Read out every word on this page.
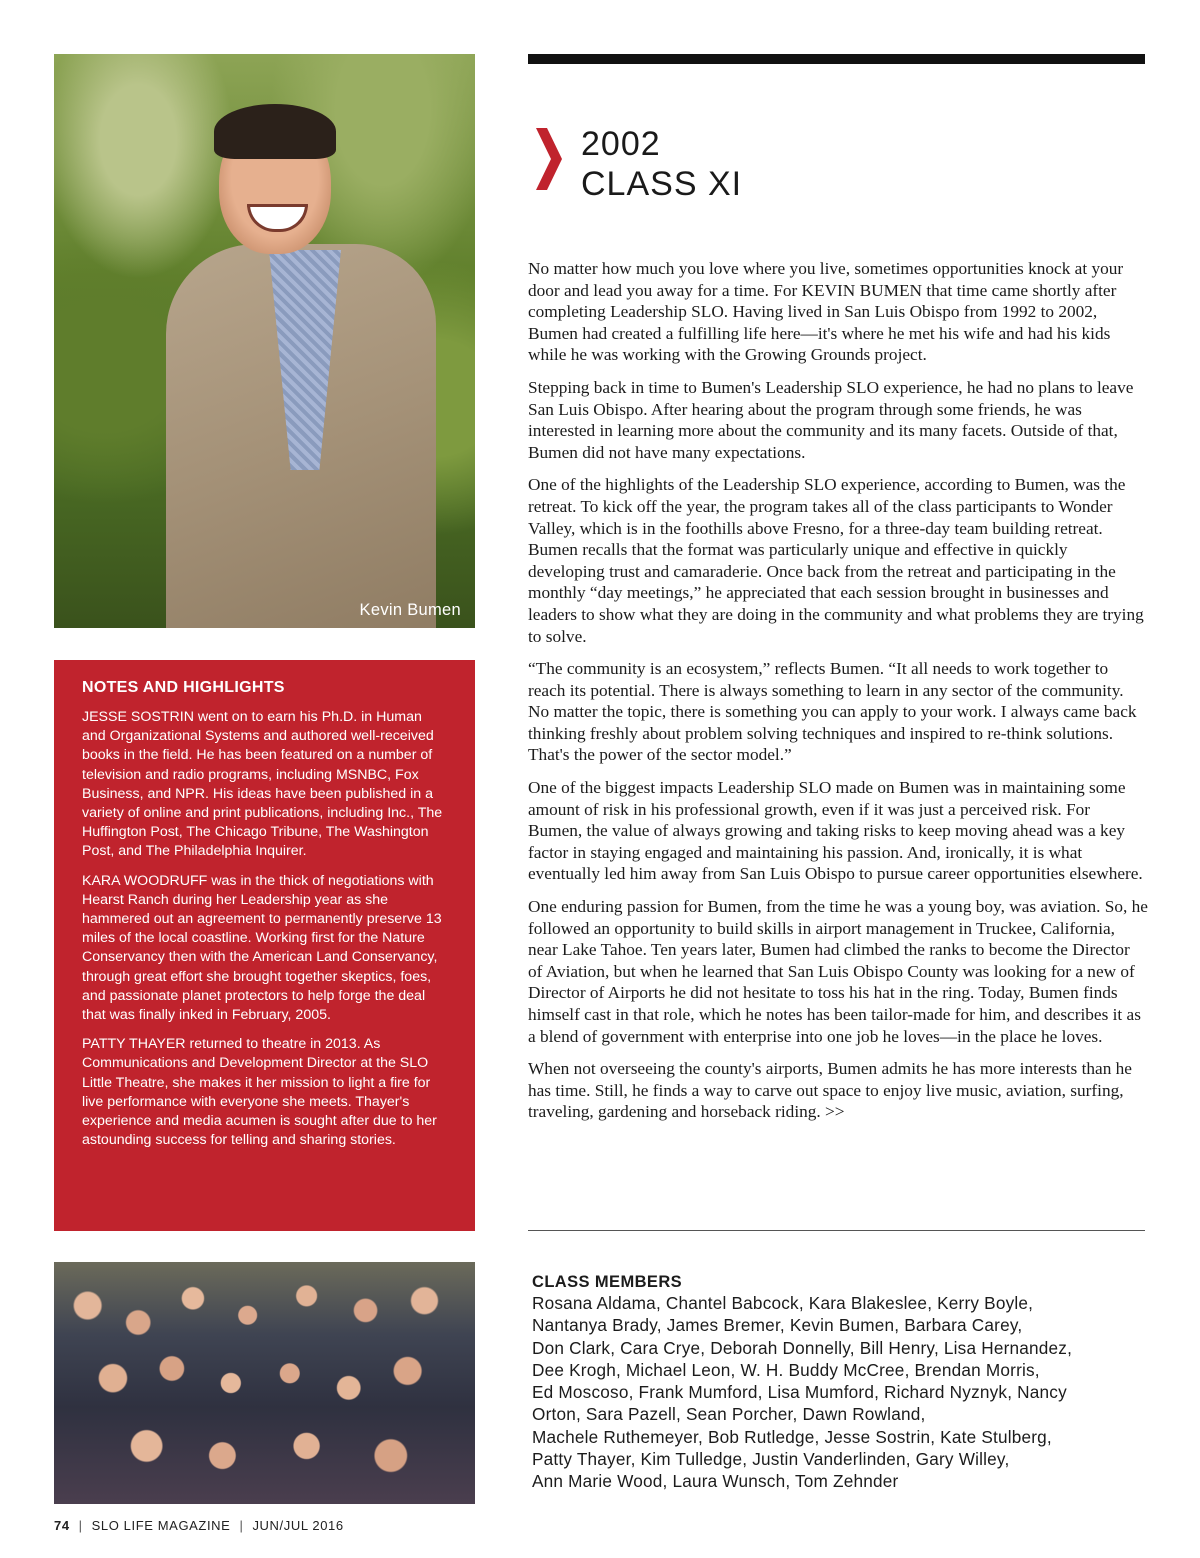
Kevin Bumen
NOTES AND HIGHLIGHTS

JESSE SOSTRIN went on to earn his Ph.D. in Human and Organizational Systems and authored well-received books in the field. He has been featured on a number of television and radio programs, including MSNBC, Fox Business, and NPR. His ideas have been published in a variety of online and print publications, including Inc., The Huffington Post, The Chicago Tribune, The Washington Post, and The Philadelphia Inquirer.

KARA WOODRUFF was in the thick of negotiations with Hearst Ranch during her Leadership year as she hammered out an agreement to permanently preserve 13 miles of the local coastline. Working first for the Nature Conservancy then with the American Land Conservancy, through great effort she brought together skeptics, foes, and passionate planet protectors to help forge the deal that was finally inked in February, 2005.

PATTY THAYER returned to theatre in 2013. As Communications and Development Director at the SLO Little Theatre, she makes it her mission to light a fire for live performance with everyone she meets. Thayer's experience and media acumen is sought after due to her astounding success for telling and sharing stories.

2002
CLASS XI

No matter how much you love where you live, sometimes opportunities knock at your door and lead you away for a time. For KEVIN BUMEN that time came shortly after completing Leadership SLO. Having lived in San Luis Obispo from 1992 to 2002, Bumen had created a fulfilling life here—it's where he met his wife and had his kids while he was working with the Growing Grounds project.

Stepping back in time to Bumen's Leadership SLO experience, he had no plans to leave San Luis Obispo. After hearing about the program through some friends, he was interested in learning more about the community and its many facets. Outside of that, Bumen did not have many expectations.

One of the highlights of the Leadership SLO experience, according to Bumen, was the retreat. To kick off the year, the program takes all of the class participants to Wonder Valley, which is in the foothills above Fresno, for a three-day team building retreat. Bumen recalls that the format was particularly unique and effective in quickly developing trust and camaraderie. Once back from the retreat and participating in the monthly “day meetings,” he appreciated that each session brought in businesses and leaders to show what they are doing in the community and what problems they are trying to solve.

“The community is an ecosystem,” reflects Bumen. “It all needs to work together to reach its potential. There is always something to learn in any sector of the community. No matter the topic, there is something you can apply to your work. I always came back thinking freshly about problem solving techniques and inspired to re-think solutions. That's the power of the sector model.”

One of the biggest impacts Leadership SLO made on Bumen was in maintaining some amount of risk in his professional growth, even if it was just a perceived risk. For Bumen, the value of always growing and taking risks to keep moving ahead was a key factor in staying engaged and maintaining his passion. And, ironically, it is what eventually led him away from San Luis Obispo to pursue career opportunities elsewhere.

One enduring passion for Bumen, from the time he was a young boy, was aviation. So, he followed an opportunity to build skills in airport management in Truckee, California, near Lake Tahoe. Ten years later, Bumen had climbed the ranks to become the Director of Aviation, but when he learned that San Luis Obispo County was looking for a new of Director of Airports he did not hesitate to toss his hat in the ring. Today, Bumen finds himself cast in that role, which he notes has been tailor-made for him, and describes it as a blend of government with enterprise into one job he loves—in the place he loves.

When not overseeing the county's airports, Bumen admits he has more interests than he has time. Still, he finds a way to carve out space to enjoy live music, aviation, surfing, traveling, gardening and horseback riding. >>

CLASS MEMBERS
Rosana Aldama, Chantel Babcock, Kara Blakeslee, Kerry Boyle,
Nantanya Brady, James Bremer, Kevin Bumen, Barbara Carey,
Don Clark, Cara Crye, Deborah Donnelly, Bill Henry, Lisa Hernandez,
Dee Krogh, Michael Leon, W. H. Buddy McCree, Brendan Morris,
Ed Moscoso, Frank Mumford, Lisa Mumford, Richard Nyznyk, Nancy
Orton, Sara Pazell, Sean Porcher, Dawn Rowland,
Machele Ruthemeyer, Bob Rutledge, Jesse Sostrin, Kate Stulberg,
Patty Thayer, Kim Tulledge, Justin Vanderlinden, Gary Willey,
Ann Marie Wood, Laura Wunsch, Tom Zehnder
74 | SLO LIFE MAGAZINE | JUN/JUL 2016
